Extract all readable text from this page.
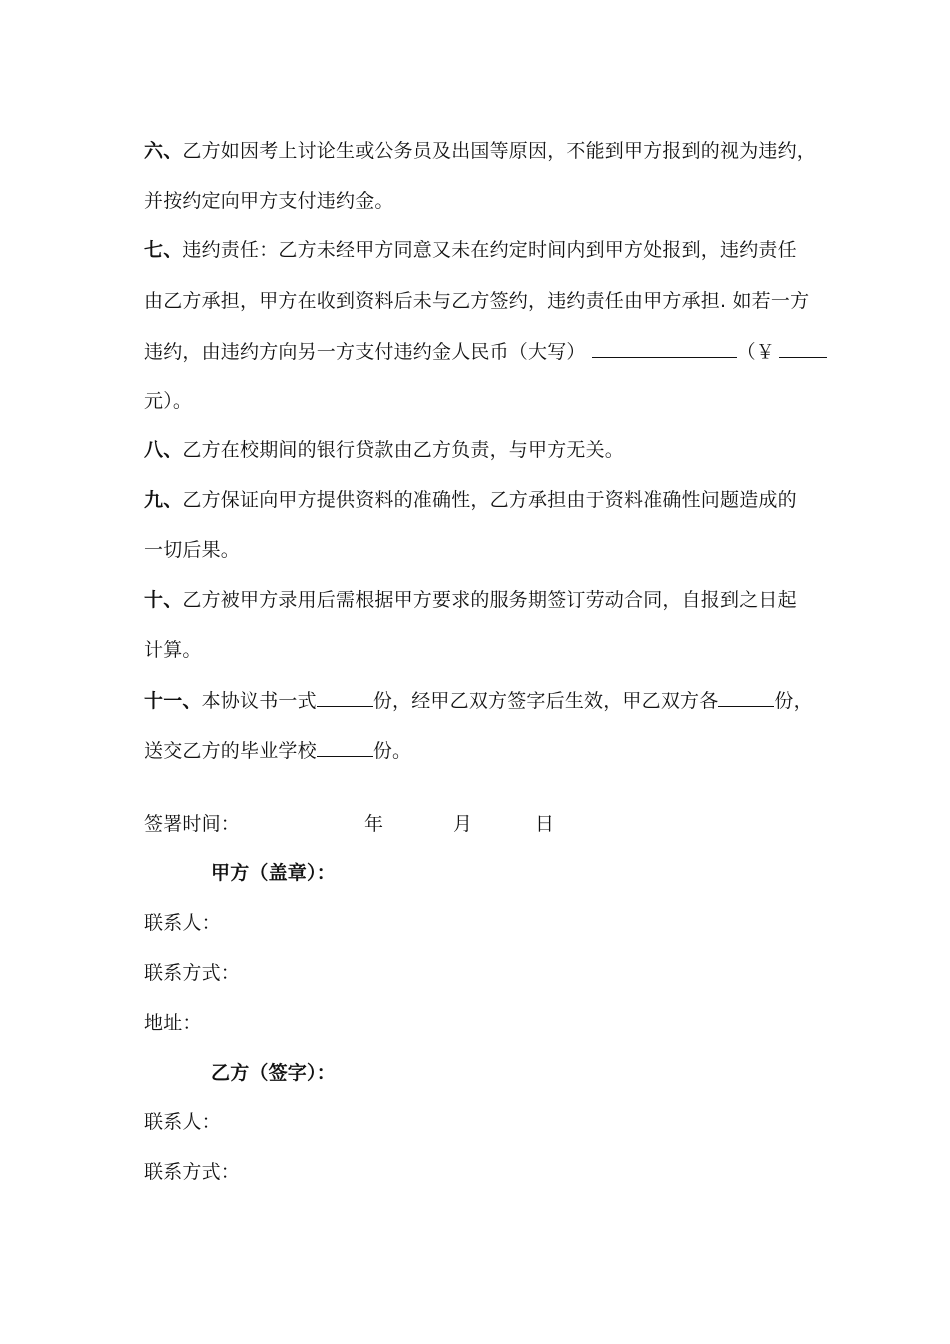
六、乙方如因考上讨论生或公务员及出国等原因，不能到甲方报到的视为违约，
并按约定向甲方支付违约金。
七、违约责任：乙方未经甲方同意又未在约定时间内到甲方处报到，违约责任
由乙方承担，甲方在收到资料后未与乙方签约，违约责任由甲方承担. 如若一方
违约，由违约方向另一方支付违约金人民币（大写）	（￥
元）。
八、乙方在校期间的银行贷款由乙方负责，与甲方无关。
九、乙方保证向甲方提供资料的准确性，乙方承担由于资料准确性问题造成的
一切后果。
十、乙方被甲方录用后需根据甲方要求的服务期签订劳动合同，自报到之日起
计算。
十一、本协议书一式	份，经甲乙双方签字后生效，甲乙双方各	份，
送交乙方的毕业学校	份。
签署时间：	年	月	日
甲方（盖章）：
联系人：
联系方式：
地址：
乙方（签字）：
联系人：
联系方式：
